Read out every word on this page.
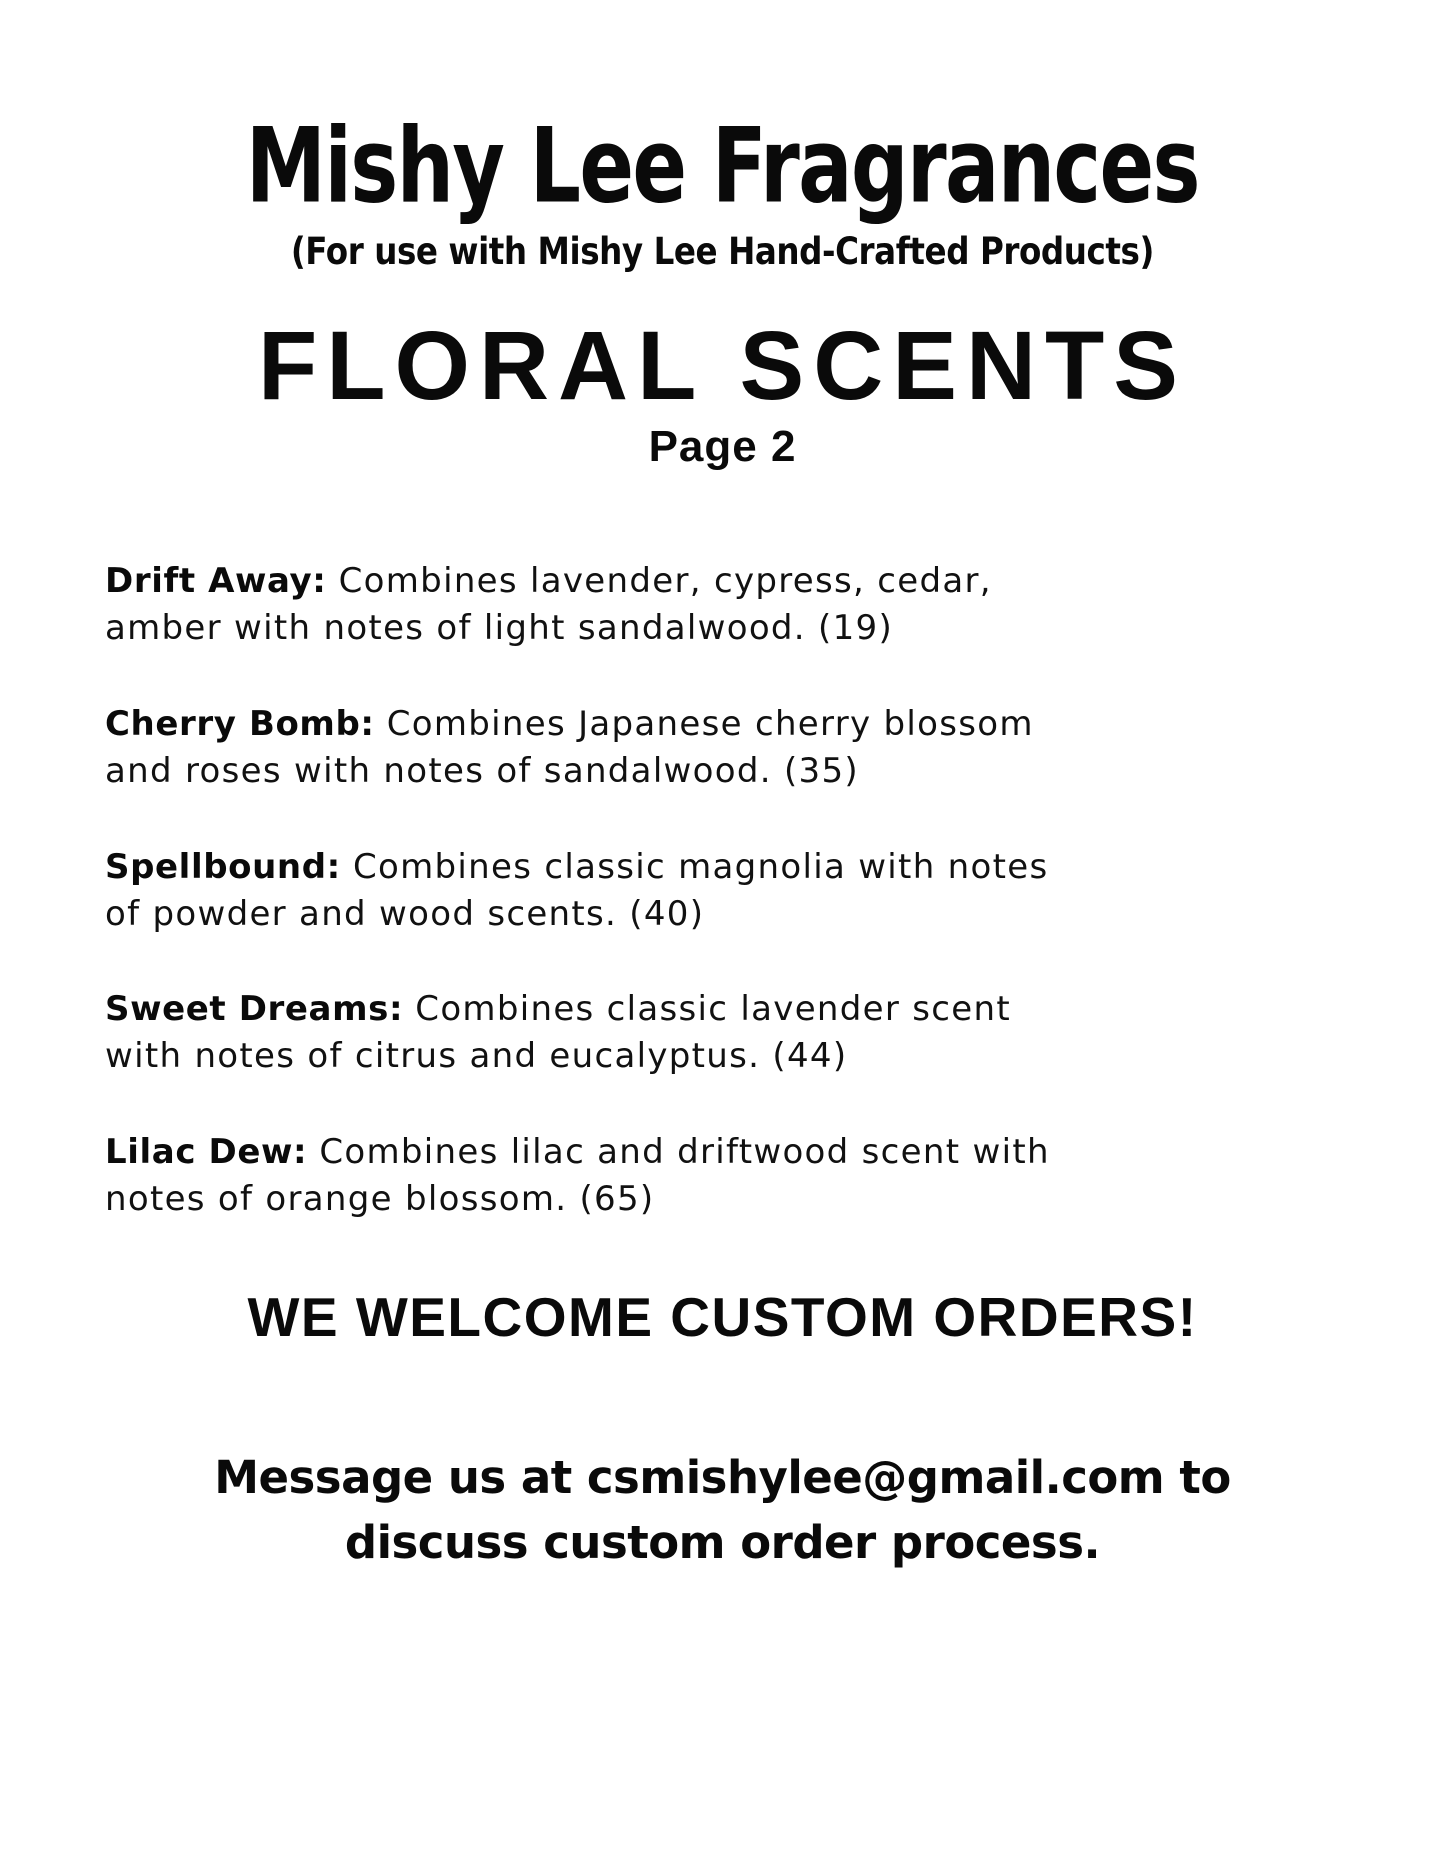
Mishy Lee Fragrances
(For use with Mishy Lee Hand-Crafted Products)
FLORAL SCENTS
Page 2

Drift Away: Combines lavender, cypress, cedar, amber with notes of light sandalwood. (19)

Cherry Bomb: Combines Japanese cherry blossom and roses with notes of sandalwood. (35)

Spellbound: Combines classic magnolia with notes of powder and wood scents. (40)

Sweet Dreams: Combines classic lavender scent with notes of citrus and eucalyptus. (44)

Lilac Dew: Combines lilac and driftwood scent with notes of orange blossom. (65)

WE WELCOME CUSTOM ORDERS!
Message us at csmishylee@gmail.com to discuss custom order process.
